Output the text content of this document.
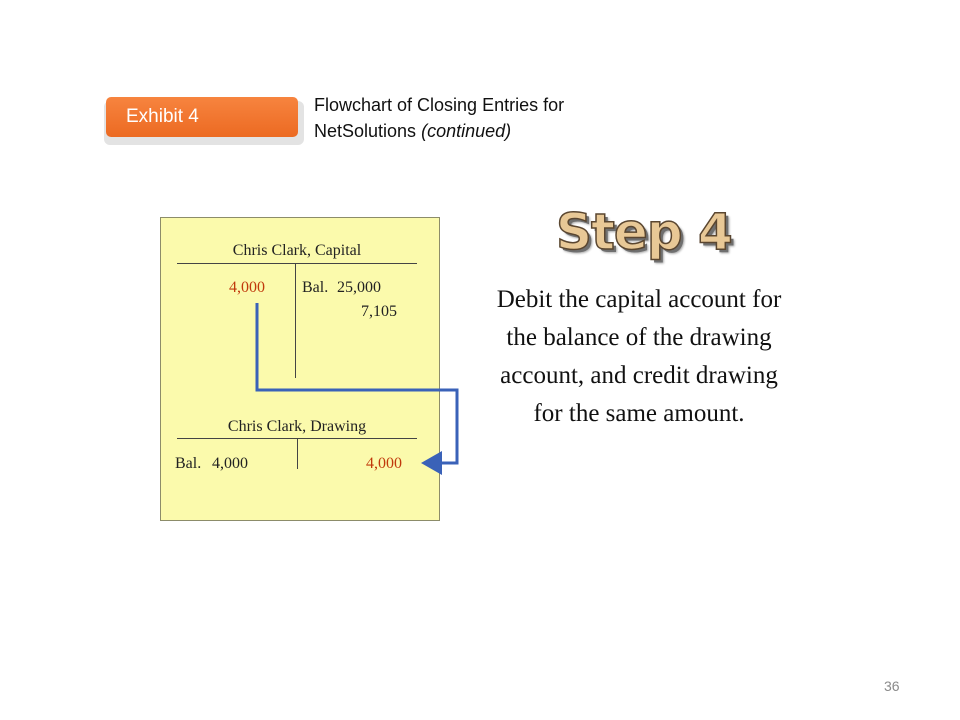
Exhibit 4
Flowchart of Closing Entries for
NetSolutions (continued)
Chris Clark, Capital
4,000 Bal. 25,000
7,105
Chris Clark, Drawing
Bal. 4,000	4,000
Step 4
Debit the capital account for the balance of the drawing account, and credit drawing for the same amount.
36
